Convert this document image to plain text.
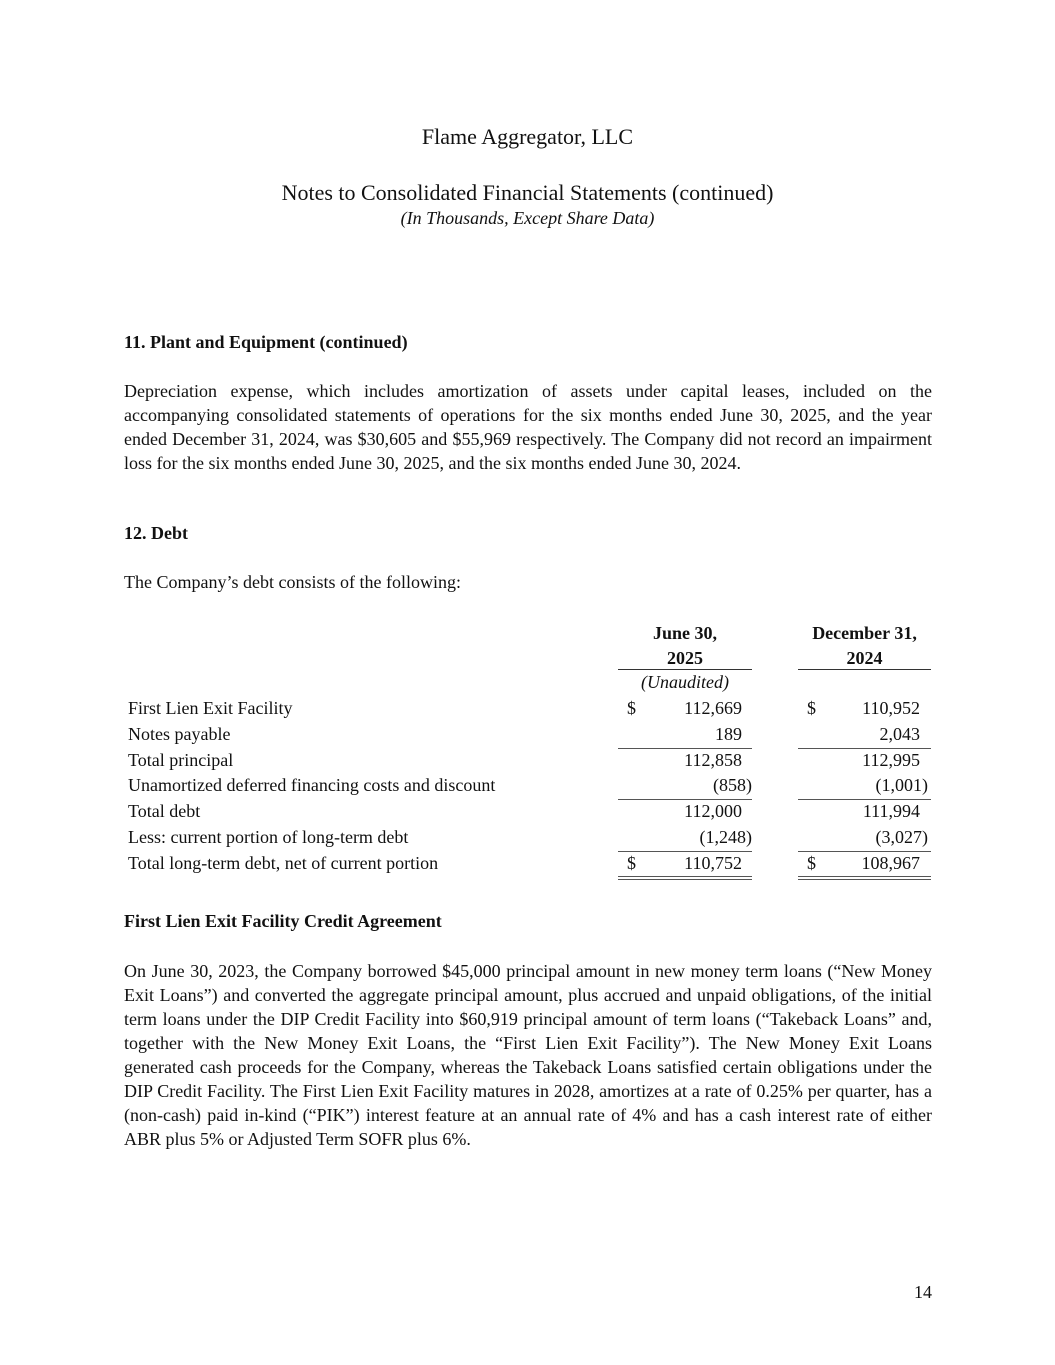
Flame Aggregator, LLC
Notes to Consolidated Financial Statements (continued)
(In Thousands, Except Share Data)
11. Plant and Equipment (continued)

Depreciation expense, which includes amortization of assets under capital leases, included on the accompanying consolidated statements of operations for the six months ended June 30, 2025, and the year ended December 31, 2024, was $30,605 and $55,969 respectively. The Company did not record an impairment loss for the six months ended June 30, 2025, and the six months ended June 30, 2024.

12. Debt

The Company’s debt consists of the following:

June 30,
2025
December 31,
2024
(Unaudited)
First Lien Exit Facility	$	112,669	$	110,952
Notes payable	189	2,043
Total principal	112,858	112,995
Unamortized deferred financing costs and discount	(858)	(1,001)
Total debt	112,000	111,994
Less: current portion of long-term debt	(1,248)	(3,027)
Total long-term debt, net of current portion	$	110,752	$	108,967
First Lien Exit Facility Credit Agreement

On June 30, 2023, the Company borrowed $45,000 principal amount in new money term loans (“New Money Exit Loans”) and converted the aggregate principal amount, plus accrued and unpaid obligations, of the initial term loans under the DIP Credit Facility into $60,919 principal amount of term loans (“Takeback Loans” and, together with the New Money Exit Loans, the “First Lien Exit Facility”). The New Money Exit Loans generated cash proceeds for the Company, whereas the Takeback Loans satisfied certain obligations under the DIP Credit Facility. The First Lien Exit Facility matures in 2028, amortizes at a rate of 0.25% per quarter, has a (non-cash) paid in-kind (“PIK”) interest feature at an annual rate of 4% and has a cash interest rate of either ABR plus 5% or Adjusted Term SOFR plus 6%.

14
